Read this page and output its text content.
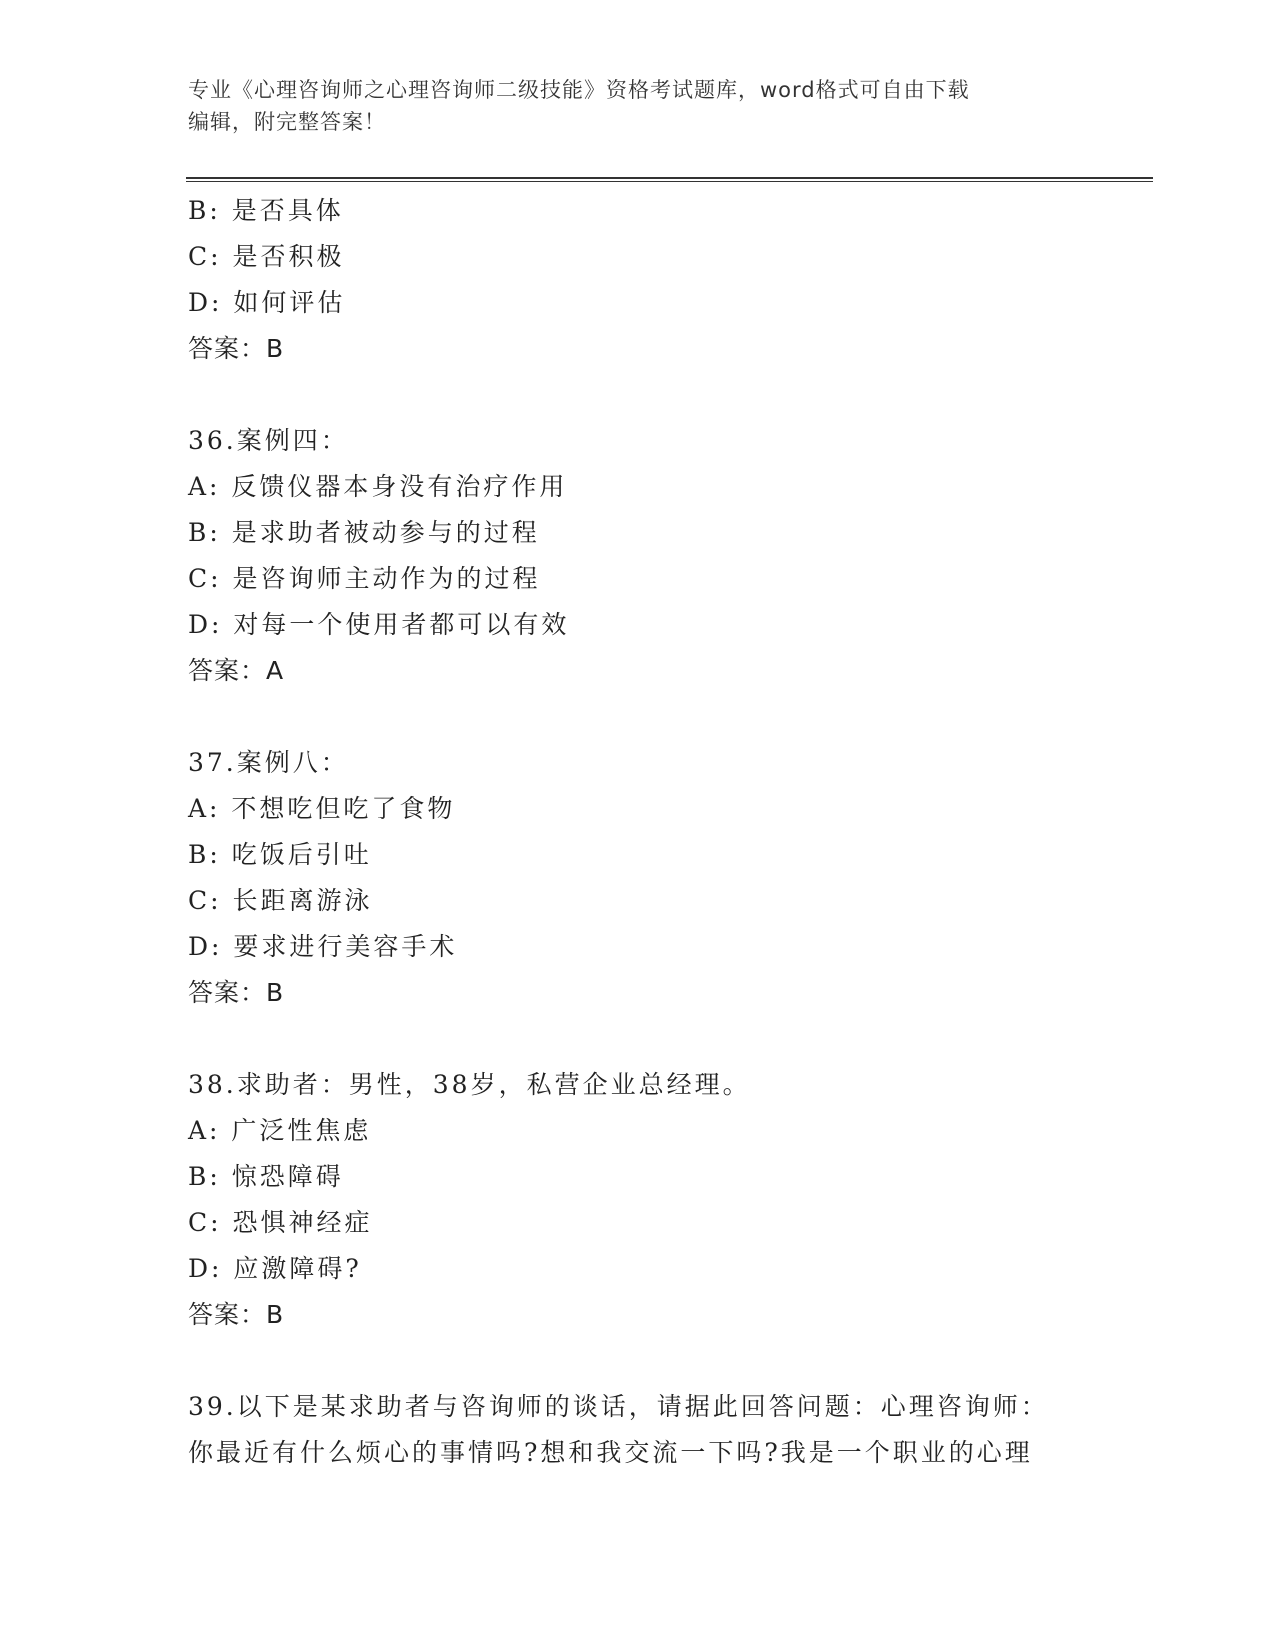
专业《心理咨询师之心理咨询师二级技能》资格考试题库，word格式可自由下载
编辑，附完整答案！
B: 是否具体
C: 是否积极
D: 如何评估
答案：B
36.案例四：
A: 反馈仪器本身没有治疗作用
B: 是求助者被动参与的过程
C: 是咨询师主动作为的过程
D: 对每一个使用者都可以有效
答案：A
37.案例八：
A: 不想吃但吃了食物
B: 吃饭后引吐
C: 长距离游泳
D: 要求进行美容手术
答案：B
38.求助者：男性，38岁，私营企业总经理。
A: 广泛性焦虑
B: 惊恐障碍
C: 恐惧神经症
D: 应激障碍?
答案：B
39.以下是某求助者与咨询师的谈话，请据此回答问题：心理咨询师：
你最近有什么烦心的事情吗?想和我交流一下吗?我是一个职业的心理
